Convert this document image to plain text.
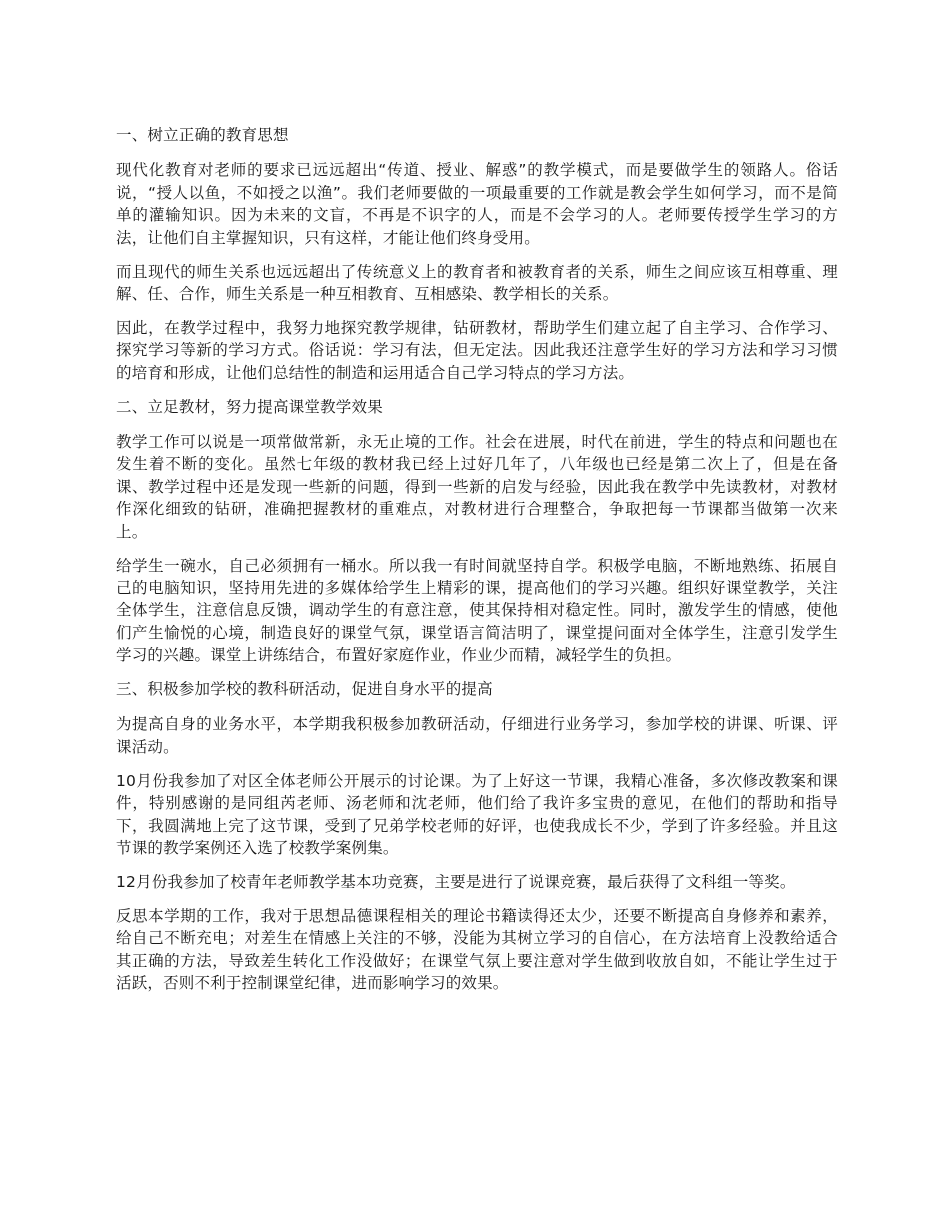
一、树立正确的教育思想

现代化教育对老师的要求已远远超出“传道、授业、解惑”的教学模式，而是要做学生的领路人。俗话说，“授人以鱼，不如授之以渔”。我们老师要做的一项最重要的工作就是教会学生如何学习，而不是简单的灌输知识。因为未来的文盲，不再是不识字的人，而是不会学习的人。老师要传授学生学习的方法，让他们自主掌握知识，只有这样，才能让他们终身受用。

而且现代的师生关系也远远超出了传统意义上的教育者和被教育者的关系，师生之间应该互相尊重、理解、任、合作，师生关系是一种互相教育、互相感染、教学相长的关系。

因此，在教学过程中，我努力地探究教学规律，钻研教材，帮助学生们建立起了自主学习、合作学习、探究学习等新的学习方式。俗话说：学习有法，但无定法。因此我还注意学生好的学习方法和学习习惯的培育和形成，让他们总结性的制造和运用适合自己学习特点的学习方法。

二、立足教材，努力提高课堂教学效果

教学工作可以说是一项常做常新，永无止境的工作。社会在进展，时代在前进，学生的特点和问题也在发生着不断的变化。虽然七年级的教材我已经上过好几年了，八年级也已经是第二次上了，但是在备课、教学过程中还是发现一些新的问题，得到一些新的启发与经验，因此我在教学中先读教材，对教材作深化细致的钻研，准确把握教材的重难点，对教材进行合理整合，争取把每一节课都当做第一次来上。

给学生一碗水，自己必须拥有一桶水。所以我一有时间就坚持自学。积极学电脑，不断地熟练、拓展自己的电脑知识，坚持用先进的多媒体给学生上精彩的课，提高他们的学习兴趣。组织好课堂教学，关注全体学生，注意信息反馈，调动学生的有意注意，使其保持相对稳定性。同时，激发学生的情感，使他们产生愉悦的心境，制造良好的课堂气氛，课堂语言简洁明了，课堂提问面对全体学生，注意引发学生学习的兴趣。课堂上讲练结合，布置好家庭作业，作业少而精，减轻学生的负担。

三、积极参加学校的教科研活动，促进自身水平的提高

为提高自身的业务水平，本学期我积极参加教研活动，仔细进行业务学习，参加学校的讲课、听课、评课活动。

10月份我参加了对区全体老师公开展示的讨论课。为了上好这一节课，我精心准备，多次修改教案和课件，特别感谢的是同组芮老师、汤老师和沈老师，他们给了我许多宝贵的意见，在他们的帮助和指导下，我圆满地上完了这节课，受到了兄弟学校老师的好评，也使我成长不少，学到了许多经验。并且这节课的教学案例还入选了校教学案例集。

12月份我参加了校青年老师教学基本功竞赛，主要是进行了说课竞赛，最后获得了文科组一等奖。

反思本学期的工作，我对于思想品德课程相关的理论书籍读得还太少，还要不断提高自身修养和素养，给自己不断充电；对差生在情感上关注的不够，没能为其树立学习的自信心，在方法培育上没教给适合其正确的方法，导致差生转化工作没做好；在课堂气氛上要注意对学生做到收放自如，不能让学生过于活跃，否则不利于控制课堂纪律，进而影响学习的效果。
